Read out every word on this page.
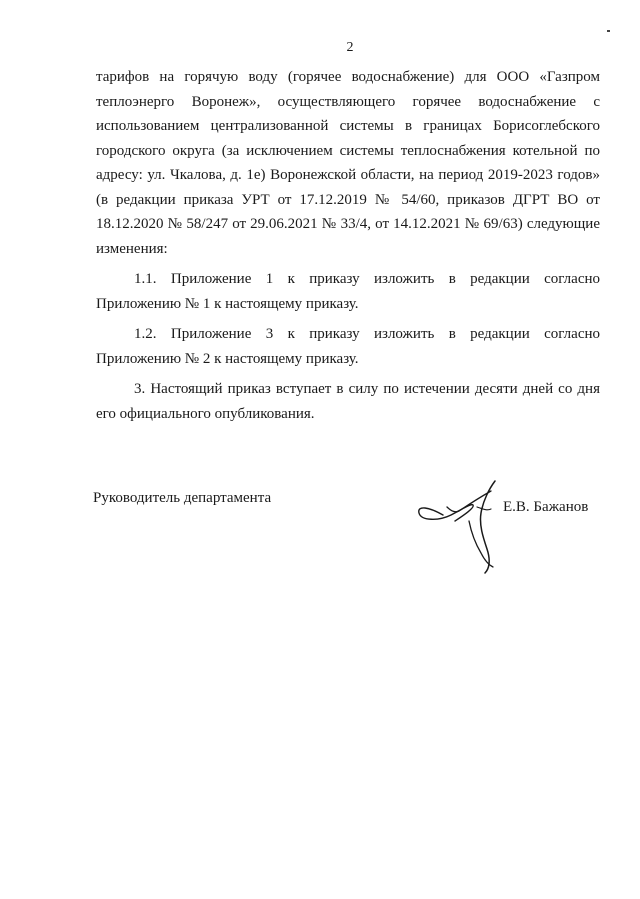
2

тарифов на горячую воду (горячее водоснабжение) для ООО «Газпром теплоэнерго Воронеж», осуществляющего горячее водоснабжение с использованием централизованной системы в границах Борисоглебского городского округа (за исключением системы теплоснабжения котельной по адресу: ул. Чкалова, д. 1е) Воронежской области, на период 2019-2023 годов» (в редакции приказа УРТ от 17.12.2019 № 54/60, приказов ДГРТ ВО от 18.12.2020 № 58/247 от 29.06.2021 № 33/4, от 14.12.2021 № 69/63) следующие изменения:

1.1. Приложение 1 к приказу изложить в редакции согласно Приложению № 1 к настоящему приказу.

1.2. Приложение 3 к приказу изложить в редакции согласно Приложению № 2 к настоящему приказу.

3. Настоящий приказ вступает в силу по истечении десяти дней со дня его официального опубликования.

Руководитель департамента
Е.В. Бажанов
